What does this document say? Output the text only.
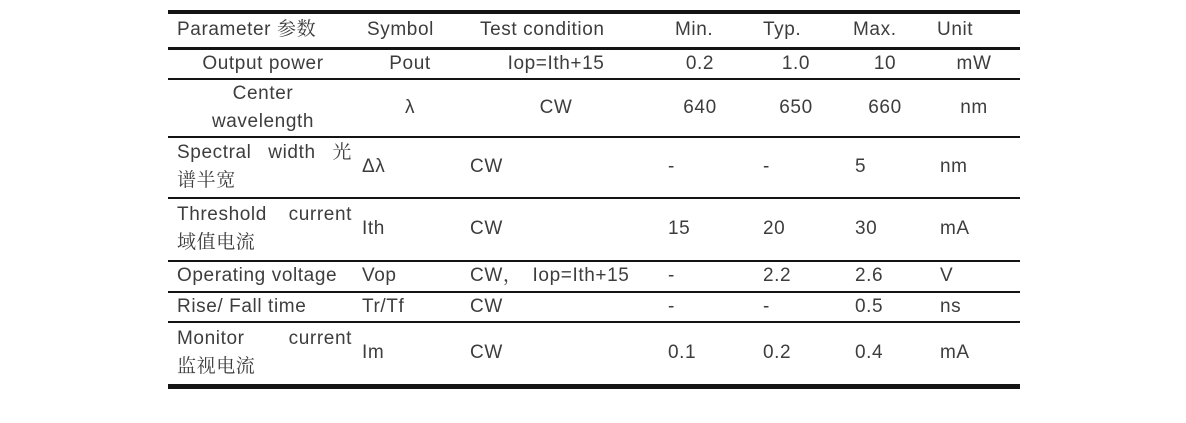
Parameter 参数	Symbol	Test condition	Min.	Typ.	Max.	Unit

Output power	Pout	Iop=Ith+15	0.2	1.0	10	mW

Center
wavelength	λ	CW	640	650	660	nm

Spectral width 光
谱半宽	Δλ	CW	-	-	5	nm

Threshold current
域值电流	Ith	CW	15	20	30	mA

Operating voltage	Vop	CW，　Iop=Ith+15	-	2.2	2.6	V

Rise/ Fall time	Tr/Tf	CW	-	-	0.5	ns

Monitor current
监视电流	Im	CW	0.1	0.2	0.4	mA
